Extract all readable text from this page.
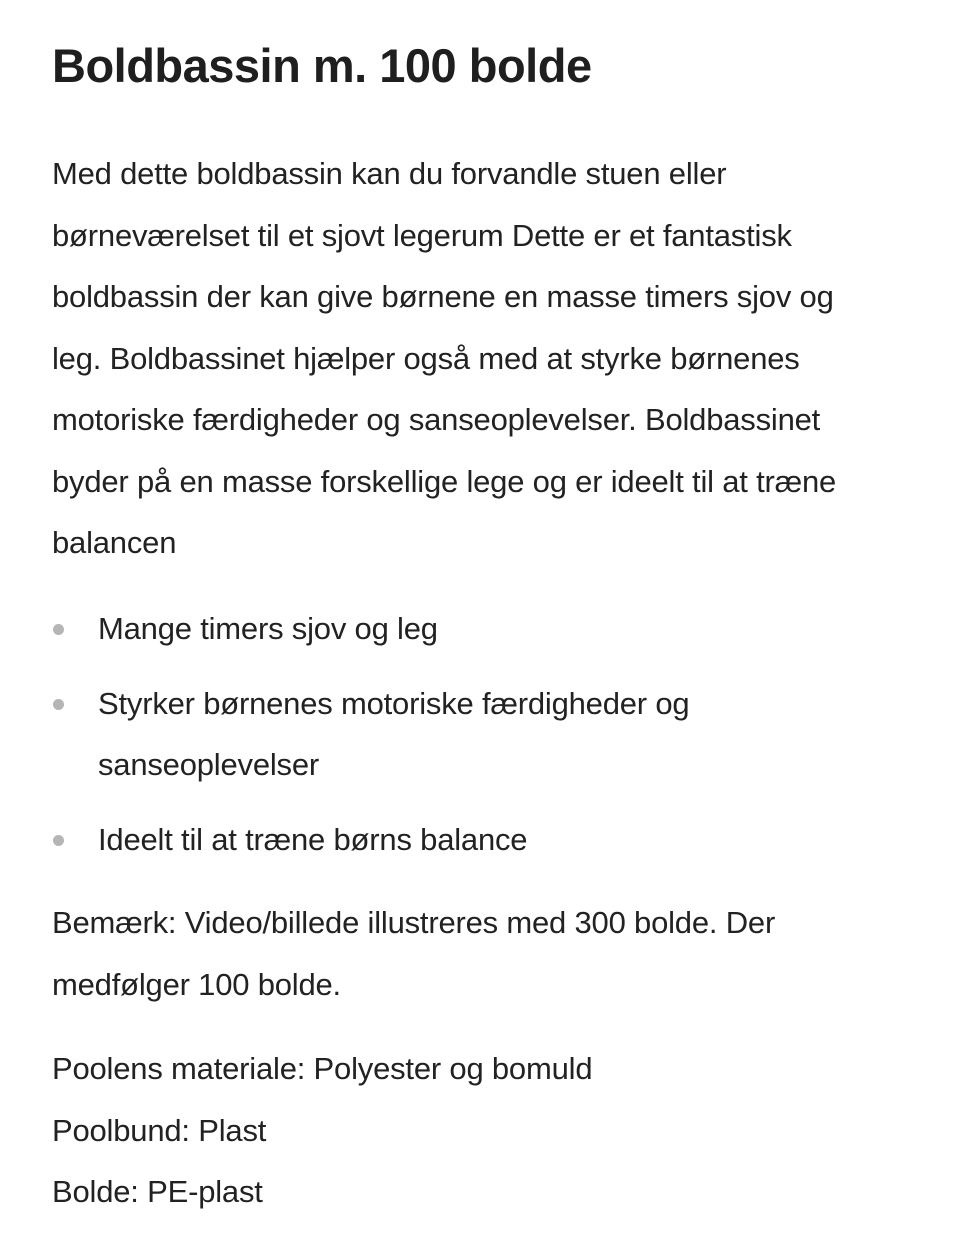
Boldbassin m. 100 bolde

Med dette boldbassin kan du forvandle stuen eller
børneværelset til et sjovt legerum Dette er et fantastisk
boldbassin der kan give børnene en masse timers sjov og
leg. Boldbassinet hjælper også med at styrke børnenes
motoriske færdigheder og sanseoplevelser. Boldbassinet
byder på en masse forskellige lege og er ideelt til at træne
balancen

Mange timers sjov og leg
Styrker børnenes motoriske færdigheder og
sanseoplevelser
Ideelt til at træne børns balance

Bemærk: Video/billede illustreres med 300 bolde. Der
medfølger 100 bolde.

Poolens materiale: Polyester og bomuld
Poolbund: Plast
Bolde: PE-plast
